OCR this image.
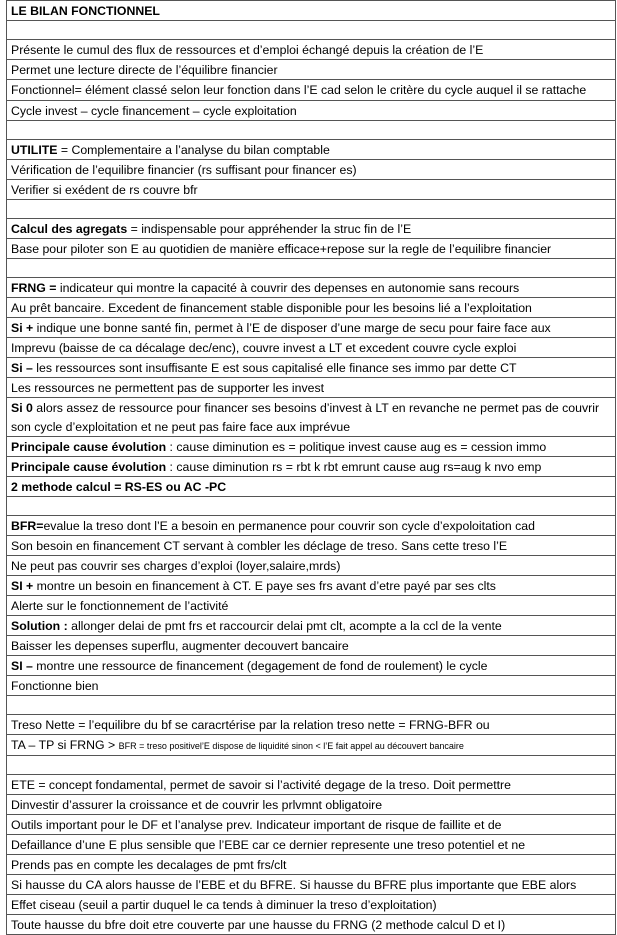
LE BILAN FONCTIONNEL
Présente le cumul des flux de ressources et d’emploi échangé depuis la création de l’E
Permet une lecture directe de l’équilibre financier
Fonctionnel= élément classé selon leur fonction dans l’E cad selon le critère du cycle auquel il se rattache
Cycle invest – cycle financement – cycle exploitation
UTILITE = Complementaire a l’analyse du bilan comptable
Vérification de l’equilibre financier (rs suffisant pour financer es)
Verifier si exédent de rs couvre bfr
Calcul des agregats = indispensable pour appréhender la struc fin de l’E
Base pour piloter son E au quotidien de manière efficace+repose sur la regle de l’equilibre financier
FRNG = indicateur qui montre la capacité à couvrir des depenses en autonomie sans recours
Au prêt bancaire. Excedent de financement stable disponible pour les besoins lié a l’exploitation
Si + indique une bonne santé fin, permet à l’E de disposer d’une marge de secu pour faire face aux
Imprevu (baisse de ca décalage dec/enc), couvre invest a LT et excedent couvre cycle exploi
Si – les ressources sont insuffisante E est sous capitalisé elle finance ses immo par dette CT
Les ressources ne permettent pas de supporter les invest
Si 0 alors assez de ressource pour financer ses besoins d’invest à LT en revanche ne permet pas de couvrir son cycle d’exploitation et ne peut pas faire face aux imprévue
Principale cause évolution : cause diminution es = politique invest cause aug es = cession immo
Principale cause évolution : cause diminution rs = rbt k rbt emrunt cause aug rs=aug k nvo emp
2 methode calcul = RS-ES ou AC -PC
BFR=evalue la treso dont l’E a besoin en permanence pour couvrir son cycle d’expoloitation cad
Son besoin en financement CT servant à combler les déclage de treso. Sans cette treso l’E
Ne peut pas couvrir ses charges d’exploi (loyer,salaire,mrds)
SI + montre un besoin en financement à CT. E paye ses frs avant d’etre payé par ses clts
Alerte sur le fonctionnement de l’activité
Solution : allonger delai de pmt frs et raccourcir delai pmt clt, acompte a la ccl de la vente
Baisser les depenses superflu, augmenter decouvert bancaire
SI – montre une ressource de financement (degagement de fond de roulement) le cycle
Fonctionne bien
Treso Nette = l’equilibre du bf se caracrtérise par la relation treso nette = FRNG-BFR ou
TA – TP si FRNG > BFR = treso positivel’E dispose de liquidité sinon < l’E fait appel au découvert bancaire
ETE = concept fondamental, permet de savoir si l’activité degage de la treso. Doit permettre
Dinvestir d’assurer la croissance et de couvrir les prlvmnt obligatoire
Outils important pour le DF et l’analyse prev. Indicateur important de risque de faillite et de
Defaillance d’une E plus sensible que l’EBE car ce dernier represente une treso potentiel et ne
Prends pas en compte les decalages de pmt frs/clt
Si hausse du CA alors hausse de l’EBE et du BFRE. Si hausse du BFRE plus importante que EBE alors
Effet ciseau (seuil a partir duquel le ca tends à diminuer la treso d’exploitation)
Toute hausse du bfre doit etre couverte par une hausse du FRNG (2 methode calcul D et I)
